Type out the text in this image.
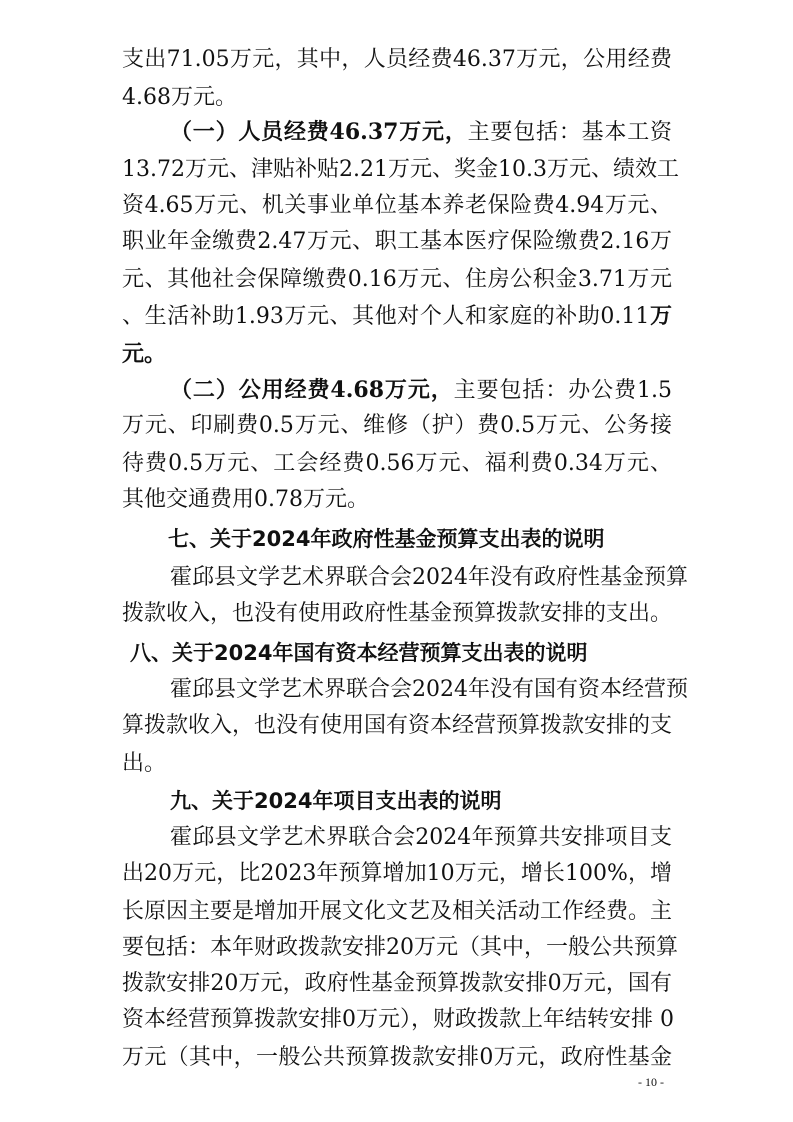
支出71.05万元，其中，人员经费46.37万元，公用经费
4.68万元。
（一）人员经费46.37万元，主要包括：基本工资
13.72万元、津贴补贴2.21万元、奖金10.3万元、绩效工
资4.65万元、机关事业单位基本养老保险费4.94万元、
职业年金缴费2.47万元、职工基本医疗保险缴费2.16万
元、其他社会保障缴费0.16万元、住房公积金3.71万元
、生活补助1.93万元、其他对个人和家庭的补助0.11万
元。
（二）公用经费4.68万元，主要包括：办公费1.5
万元、印刷费0.5万元、维修（护）费0.5万元、公务接
待费0.5万元、工会经费0.56万元、福利费0.34万元、
其他交通费用0.78万元。
七、关于2024年政府性基金预算支出表的说明
霍邱县文学艺术界联合会2024年没有政府性基金预算
拨款收入，也没有使用政府性基金预算拨款安排的支出。
八、关于2024年国有资本经营预算支出表的说明
霍邱县文学艺术界联合会2024年没有国有资本经营预
算拨款收入，也没有使用国有资本经营预算拨款安排的支
出。
九、关于2024年项目支出表的说明
霍邱县文学艺术界联合会2024年预算共安排项目支
出20万元，比2023年预算增加10万元，增长100%，增
长原因主要是增加开展文化文艺及相关活动工作经费。主
要包括：本年财政拨款安排20万元（其中，一般公共预算
拨款安排20万元，政府性基金预算拨款安排0万元，国有
资本经营预算拨款安排0万元），财政拨款上年结转安排 0
万元（其中，一般公共预算拨款安排0万元，政府性基金
- 10 -
